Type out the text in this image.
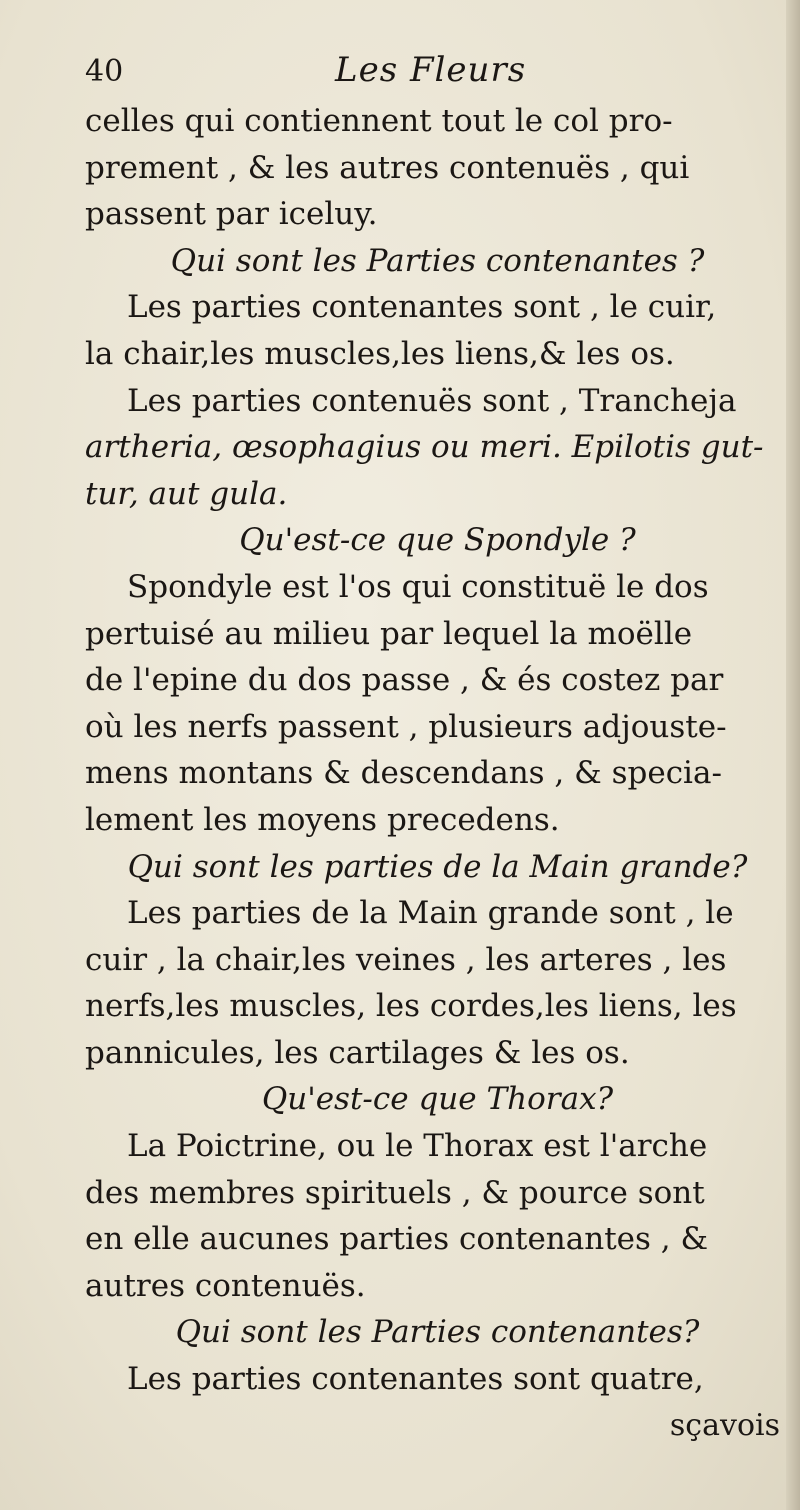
40	Les Fleurs
celles qui contiennent tout le col pro-
prement , & les autres contenuës , qui
passent par iceluy.
Qui sont les Parties contenantes ?
Les parties contenantes sont , le cuir,
la chair,les muscles,les liens,& les os.
Les parties contenuës sont , Trancheja
artheria, œsophagius ou meri. Epilotis gut-
tur, aut gula.
Qu'est-ce que Spondyle ?
Spondyle est l'os qui constituë le dos
pertuisé au milieu par lequel la moëlle
de l'epine du dos passe , & és costez par
où les nerfs passent , plusieurs adjouste-
mens montans & descendans , & specia-
lement les moyens precedens.
Qui sont les parties de la Main grande?
Les parties de la Main grande sont , le
cuir , la chair,les veines , les arteres , les
nerfs,les muscles, les cordes,les liens, les
pannicules, les cartilages & les os.
Qu'est-ce que Thorax?
La Poictrine, ou le Thorax est l'arche
des membres spirituels , & pource sont
en elle aucunes parties contenantes , &
autres contenuës.
Qui sont les Parties contenantes?
Les parties contenantes sont quatre,
sçavois
